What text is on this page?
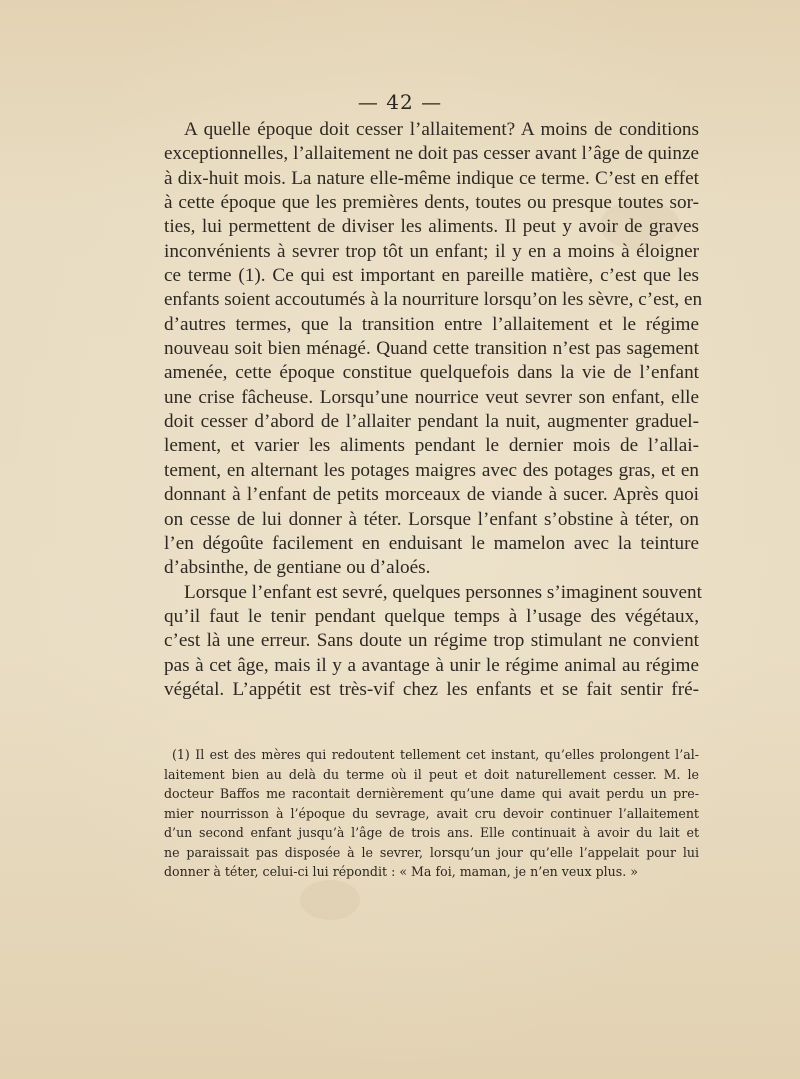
— 42 —
A quelle époque doit cesser l’allaitement? A moins de conditions
exceptionnelles, l’allaitement ne doit pas cesser avant l’âge de quinze
à dix-huit mois. La nature elle-même indique ce terme. C’est en effet
à cette époque que les premières dents, toutes ou presque toutes sor-
ties, lui permettent de diviser les aliments. Il peut y avoir de graves
inconvénients à sevrer trop tôt un enfant; il y en a moins à éloigner
ce terme (1). Ce qui est important en pareille matière, c’est que les
enfants soient accoutumés à la nourriture lorsqu’on les sèvre, c’est, en
d’autres termes, que la transition entre l’allaitement et le régime
nouveau soit bien ménagé. Quand cette transition n’est pas sagement
amenée, cette époque constitue quelquefois dans la vie de l’enfant
une crise fâcheuse. Lorsqu’une nourrice veut sevrer son enfant, elle
doit cesser d’abord de l’allaiter pendant la nuit, augmenter graduel-
lement, et varier les aliments pendant le dernier mois de l’allai-
tement, en alternant les potages maigres avec des potages gras, et en
donnant à l’enfant de petits morceaux de viande à sucer. Après quoi
on cesse de lui donner à téter. Lorsque l’enfant s’obstine à téter, on
l’en dégoûte facilement en enduisant le mamelon avec la teinture
d’absinthe, de gentiane ou d’aloés.
Lorsque l’enfant est sevré, quelques personnes s’imaginent souvent
qu’il faut le tenir pendant quelque temps à l’usage des végétaux,
c’est là une erreur. Sans doute un régime trop stimulant ne convient
pas à cet âge, mais il y a avantage à unir le régime animal au régime
végétal. L’appétit est très-vif chez les enfants et se fait sentir fré-
(1) Il est des mères qui redoutent tellement cet instant, qu’elles prolongent l’al-
laitement bien au delà du terme où il peut et doit naturellement cesser. M. le
docteur Baffos me racontait dernièrement qu’une dame qui avait perdu un pre-
mier nourrisson à l’époque du sevrage, avait cru devoir continuer l’allaitement
d’un second enfant jusqu’à l’âge de trois ans. Elle continuait à avoir du lait et
ne paraissait pas disposée à le sevrer, lorsqu’un jour qu’elle l’appelait pour lui
donner à téter, celui-ci lui répondit : « Ma foi, maman, je n’en veux plus. »
